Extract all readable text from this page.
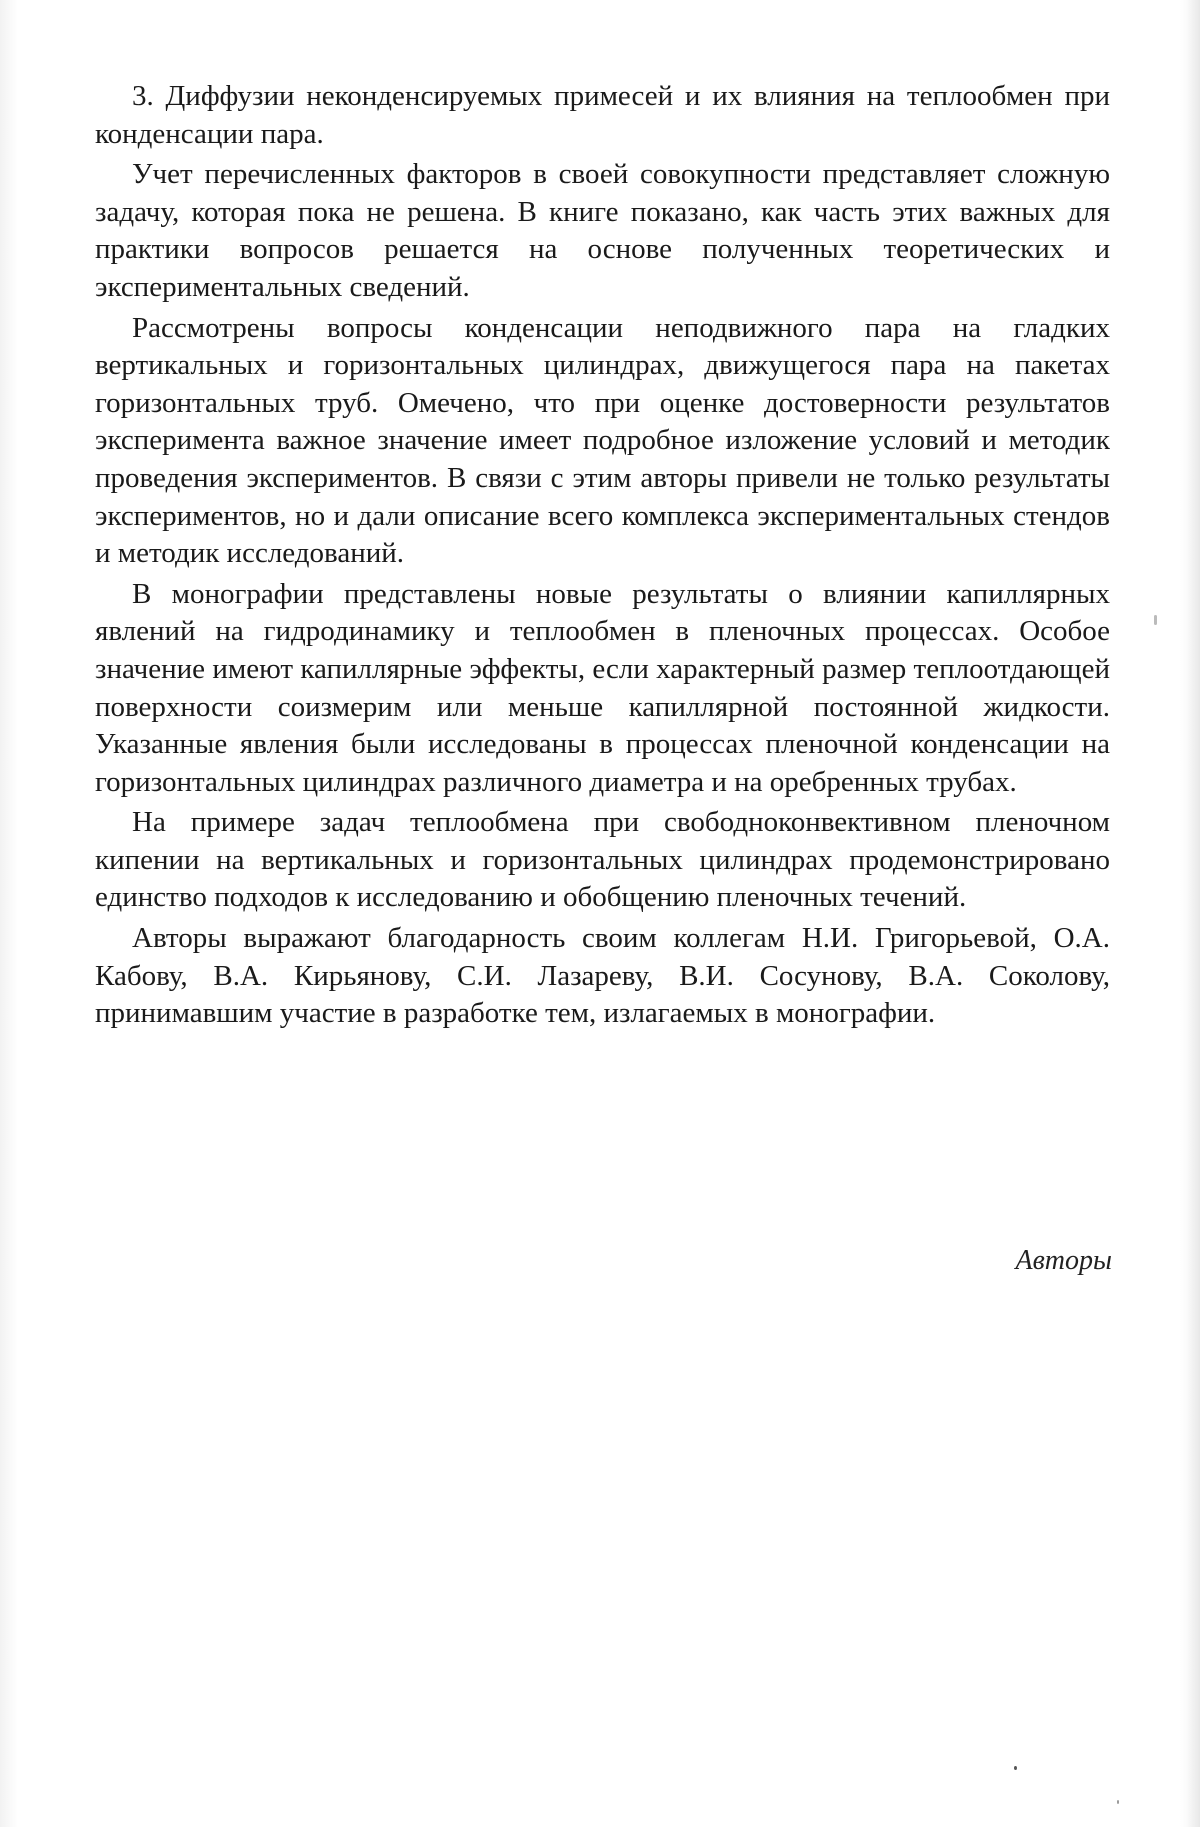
3. Диффузии неконденсируемых примесей и их влияния на теплообмен при конденсации пара.

Учет перечисленных факторов в своей совокупности представляет сложную задачу, которая пока не решена. В книге показано, как часть этих важных для практики вопросов решается на основе полученных теоретических и экспериментальных сведений.

Рассмотрены вопросы конденсации неподвижного пара на гладких вертикальных и горизонтальных цилиндрах, движущегося пара на пакетах горизонтальных труб. Омечено, что при оценке достоверности результатов эксперимента важное значение имеет подробное изложение условий и методик проведения экспериментов. В связи с этим авторы привели не только результаты экспериментов, но и дали описание всего комплекса экспериментальных стендов и методик исследований.

В монографии представлены новые результаты о влиянии капиллярных явлений на гидродинамику и теплообмен в пленочных процессах. Особое значение имеют капиллярные эффекты, если характерный размер теплоотдающей поверхности соизмерим или меньше капиллярной постоянной жидкости. Указанные явления были исследованы в процессах пленочной конденсации на горизонтальных цилиндрах различного диаметра и на оребренных трубах.

На примере задач теплообмена при свободноконвективном пленочном кипении на вертикальных и горизонтальных цилиндрах продемонстрировано единство подходов к исследованию и обобщению пленочных течений.

Авторы выражают благодарность своим коллегам Н.И. Григорьевой, О.А. Кабову, В.А. Кирьянову, С.И. Лазареву, В.И. Сосунову, В.А. Соколову, принимавшим участие в разработке тем, излагаемых в монографии.

Авторы
